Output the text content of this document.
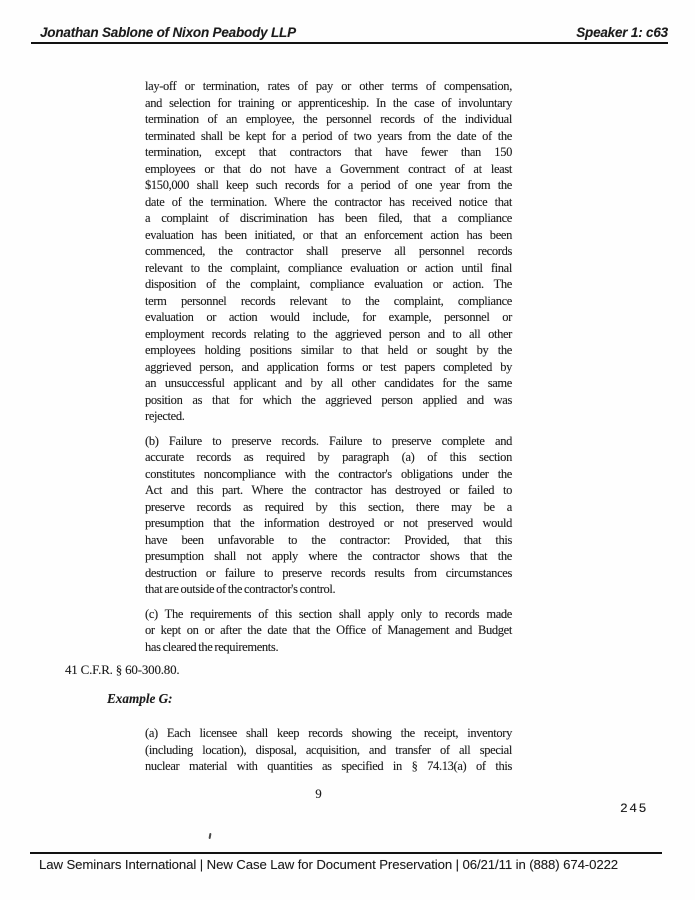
Jonathan Sablone of Nixon Peabody LLP	Speaker 1: c63
lay-off or termination, rates of pay or other terms of compensation,
and selection for training or apprenticeship. In the case of involuntary
termination of an employee, the personnel records of the individual
terminated shall be kept for a period of two years from the date of the
termination, except that contractors that have fewer than 150
employees or that do not have a Government contract of at least
$150,000 shall keep such records for a period of one year from the
date of the termination. Where the contractor has received notice that
a complaint of discrimination has been filed, that a compliance
evaluation has been initiated, or that an enforcement action has been
commenced, the contractor shall preserve all personnel records
relevant to the complaint, compliance evaluation or action until final
disposition of the complaint, compliance evaluation or action. The
term personnel records relevant to the complaint, compliance
evaluation or action would include, for example, personnel or
employment records relating to the aggrieved person and to all other
employees holding positions similar to that held or sought by the
aggrieved person, and application forms or test papers completed by
an unsuccessful applicant and by all other candidates for the same
position as that for which the aggrieved person applied and was
rejected.
(b) Failure to preserve records. Failure to preserve complete and
accurate records as required by paragraph (a) of this section
constitutes noncompliance with the contractor's obligations under the
Act and this part. Where the contractor has destroyed or failed to
preserve records as required by this section, there may be a
presumption that the information destroyed or not preserved would
have been unfavorable to the contractor: Provided, that this
presumption shall not apply where the contractor shows that the
destruction or failure to preserve records results from circumstances
that are outside of the contractor's control.
(c) The requirements of this section shall apply only to records made
or kept on or after the date that the Office of Management and Budget
has cleared the requirements.
41 C.F.R. § 60-300.80.
Example G:
(a) Each licensee shall keep records showing the receipt, inventory
(including location), disposal, acquisition, and transfer of all special
nuclear material with quantities as specified in § 74.13(a) of this
9
245
Law Seminars International | New Case Law for Document Preservation | 06/21/11 in (888) 674-0222
